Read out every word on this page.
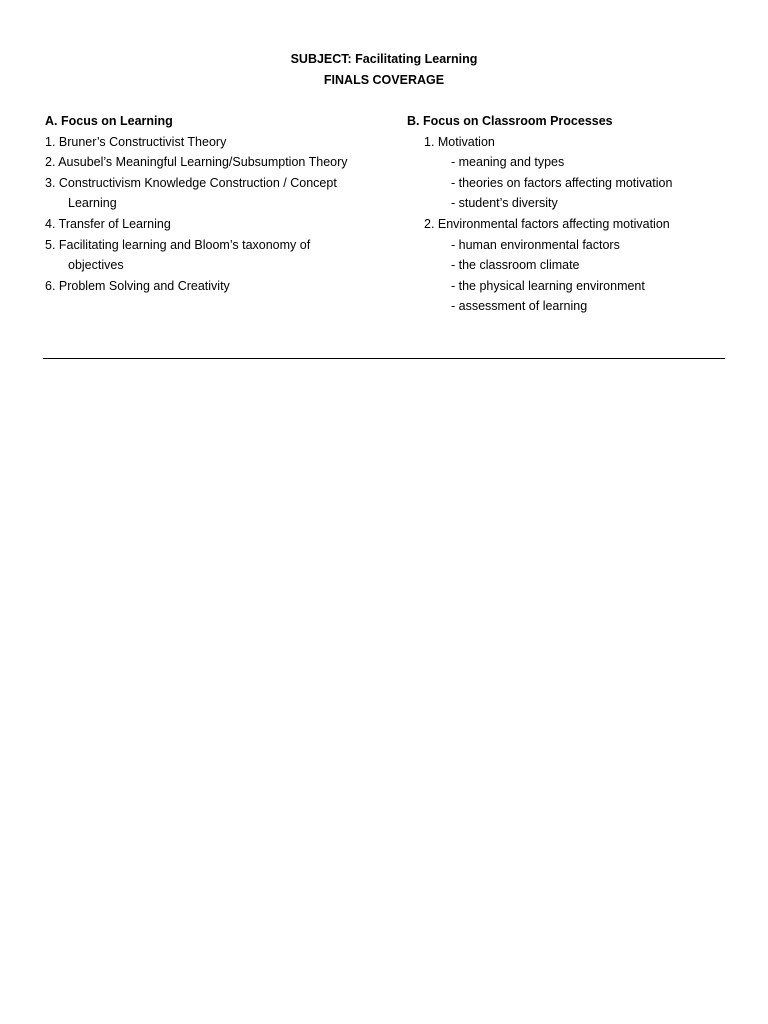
SUBJECT: Facilitating Learning
FINALS COVERAGE
A. Focus on Learning
1. Bruner’s Constructivist Theory
2. Ausubel’s Meaningful Learning/Subsumption Theory
3. Constructivism Knowledge Construction / Concept
Learning
4. Transfer of Learning
5. Facilitating learning and Bloom’s taxonomy of
objectives
6. Problem Solving and Creativity
B. Focus on Classroom Processes
1. Motivation
- meaning and types
- theories on factors affecting motivation
- student’s diversity
2. Environmental factors affecting motivation
- human environmental factors
- the classroom climate
- the physical learning environment
- assessment of learning
